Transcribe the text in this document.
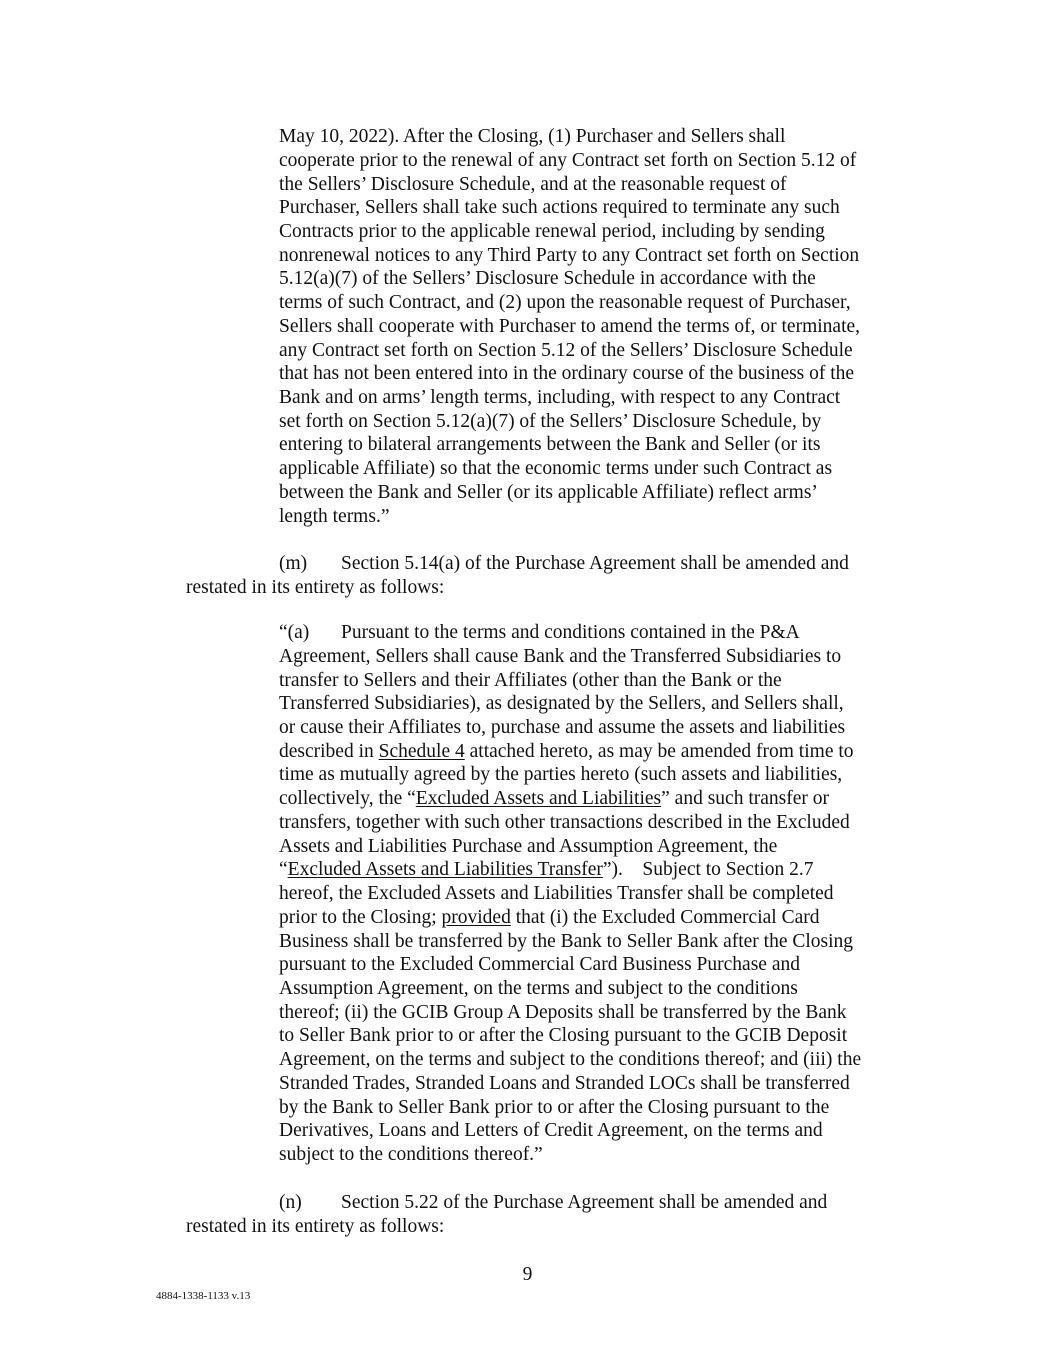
May 10, 2022). After the Closing, (1) Purchaser and Sellers shall
cooperate prior to the renewal of any Contract set forth on Section 5.12 of
the Sellers’ Disclosure Schedule, and at the reasonable request of
Purchaser, Sellers shall take such actions required to terminate any such
Contracts prior to the applicable renewal period, including by sending
nonrenewal notices to any Third Party to any Contract set forth on Section
5.12(a)(7) of the Sellers’ Disclosure Schedule in accordance with the
terms of such Contract, and (2) upon the reasonable request of Purchaser,
Sellers shall cooperate with Purchaser to amend the terms of, or terminate,
any Contract set forth on Section 5.12 of the Sellers’ Disclosure Schedule
that has not been entered into in the ordinary course of the business of the
Bank and on arms’ length terms, including, with respect to any Contract
set forth on Section 5.12(a)(7) of the Sellers’ Disclosure Schedule, by
entering to bilateral arrangements between the Bank and Seller (or its
applicable Affiliate) so that the economic terms under such Contract as
between the Bank and Seller (or its applicable Affiliate) reflect arms’
length terms.”
(m) Section 5.14(a) of the Purchase Agreement shall be amended and
restated in its entirety as follows:
“(a) Pursuant to the terms and conditions contained in the P&A
Agreement, Sellers shall cause Bank and the Transferred Subsidiaries to
transfer to Sellers and their Affiliates (other than the Bank or the
Transferred Subsidiaries), as designated by the Sellers, and Sellers shall,
or cause their Affiliates to, purchase and assume the assets and liabilities
described in Schedule 4 attached hereto, as may be amended from time to
time as mutually agreed by the parties hereto (such assets and liabilities,
collectively, the “Excluded Assets and Liabilities” and such transfer or
transfers, together with such other transactions described in the Excluded
Assets and Liabilities Purchase and Assumption Agreement, the
“Excluded Assets and Liabilities Transfer”).    Subject to Section 2.7
hereof, the Excluded Assets and Liabilities Transfer shall be completed
prior to the Closing; provided that (i) the Excluded Commercial Card
Business shall be transferred by the Bank to Seller Bank after the Closing
pursuant to the Excluded Commercial Card Business Purchase and
Assumption Agreement, on the terms and subject to the conditions
thereof; (ii) the GCIB Group A Deposits shall be transferred by the Bank
to Seller Bank prior to or after the Closing pursuant to the GCIB Deposit
Agreement, on the terms and subject to the conditions thereof; and (iii) the
Stranded Trades, Stranded Loans and Stranded LOCs shall be transferred
by the Bank to Seller Bank prior to or after the Closing pursuant to the
Derivatives, Loans and Letters of Credit Agreement, on the terms and
subject to the conditions thereof.”
(n) Section 5.22 of the Purchase Agreement shall be amended and
restated in its entirety as follows:
9
4884-1338-1133 v.13
